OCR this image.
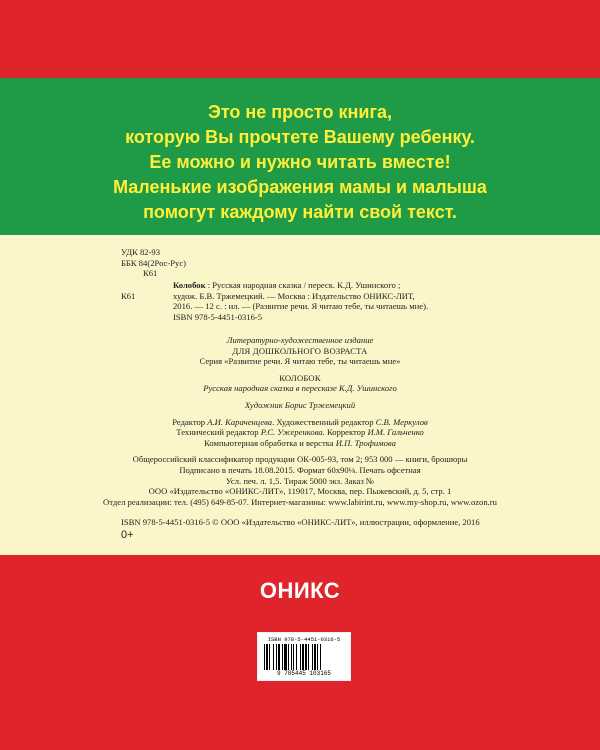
Это не просто книга,
которую Вы прочтете Вашему ребенку.
Ее можно и нужно читать вместе!
Маленькие изображения мамы и малыша
помогут каждому найти свой текст.
УДК 82-93
ББК 84(2Рос-Рус)
К61
К61
Колобок : Русская народная сказка / переск. К.Д. Ушинского ;
худож. Б.В. Тржемецкий. — Москва : Издательство ОНИКС-ЛИТ,
2016. — 12 с. : ил. — (Развитие речи. Я читаю тебе, ты читаешь мне).
ISBN 978-5-4451-0316-5
Литературно-художественное издание
ДЛЯ ДОШКОЛЬНОГО ВОЗРАСТА
Серия «Развитие речи. Я читаю тебе, ты читаешь мне»
КОЛОБОК
Русская народная сказка в пересказе К.Д. Ушинского
Художник Борис Тржемецкий
Редактор А.И. Караченцева. Художественный редактор С.В. Меркулов
Технический редактор Р.С. Ужеренкова. Корректор И.М. Гальченко
Компьютерная обработка и верстка И.П. Трофимова
Общероссийский классификатор продукции ОК-005-93, том 2; 953 000 — книги, брошюры
Подписано в печать 18.08.2015. Формат 60x90⅛. Печать офсетная
Усл. печ. л. 1,5. Тираж 5000 экз. Заказ №
ООО «Издательство «ОНИКС-ЛИТ», 119017, Москва, пер. Пыжевский, д. 5, стр. 1
Отдел реализации: тел. (495) 649-85-07. Интернет-магазины: www.labirint.ru, www.my-shop.ru, www.ozon.ru
ISBN 978-5-4451-0316-5 © ООО «Издательство «ОНИКС-ЛИТ», иллюстрации, оформление, 2016
0+
ОНИКС
ISBN 978-5-4451-0316-5
9 785445 103165
